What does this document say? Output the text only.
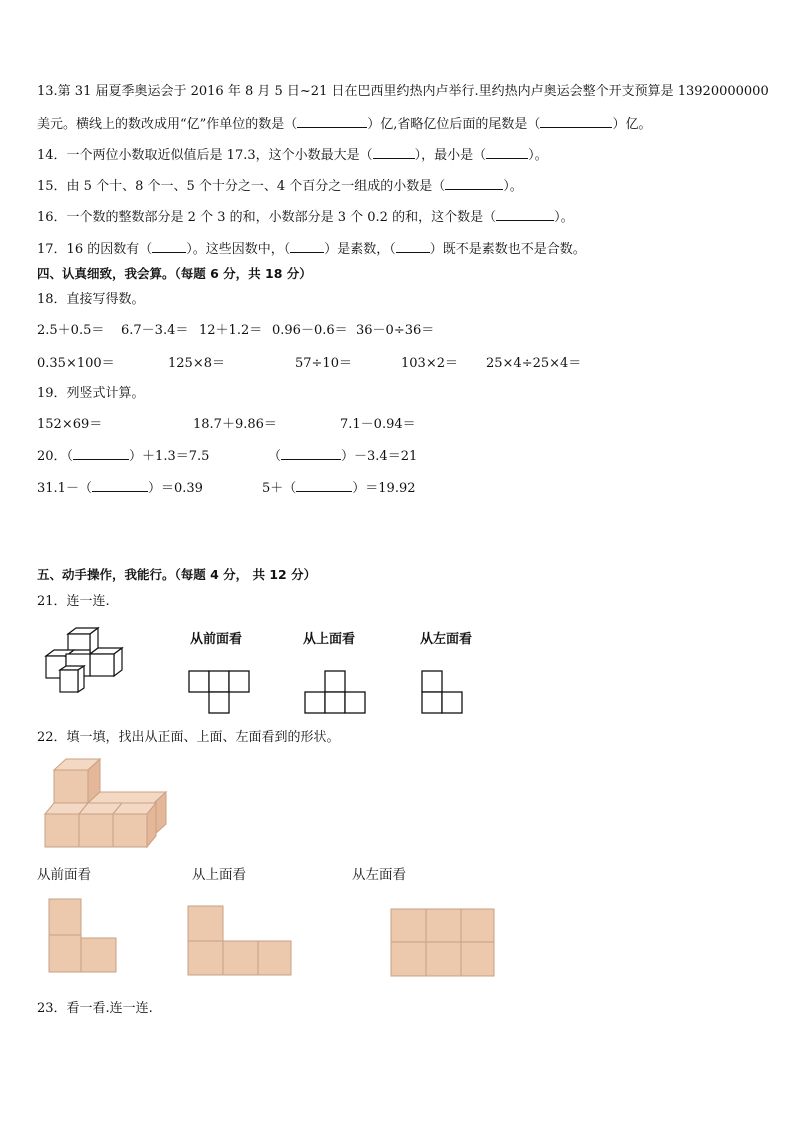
13.第 31 届夏季奥运会于 2016 年 8 月 5 日~21 日在巴西里约热内卢举行.里约热内卢奥运会整个开支预算是 13920000000
美元。横线上的数改成用“亿”作单位的数是（	）亿,省略亿位后面的尾数是（	）亿。
14．一个两位小数取近似值后是 17.3，这个小数最大是（	），最小是（	）。
15．由 5 个十、8 个一、5 个十分之一、4 个百分之一组成的小数是（	）。
16．一个数的整数部分是 2 个 3 的和，小数部分是 3 个 0.2 的和，这个数是（	）。
17．16 的因数有（	）。这些因数中，（	）是素数，（	）既不是素数也不是合数。
四、认真细致，我会算。（每题 6 分，共 18 分）
18．直接写得数。
2.5＋0.5＝ 6.7－3.4＝ 12＋1.2＝ 0.96－0.6＝ 36－0÷36＝
0.35×100＝	125×8＝	57÷10＝	103×2＝ 25×4÷25×4＝
19．列竖式计算。
152×69＝	18.7＋9.86＝	7.1－0.94＝
20．（	）＋1.3＝7.5	（	）－3.4＝21
31.1－（	）＝0.39	5＋（	）＝19.92
五、动手操作，我能行。（每题 4 分， 共 12 分）
21．连一连.
从前面看	从上面看	从左面看
22．填一填，找出从正面、上面、左面看到的形状。
从前面看	从上面看	从左面看
23．看一看.连一连.
